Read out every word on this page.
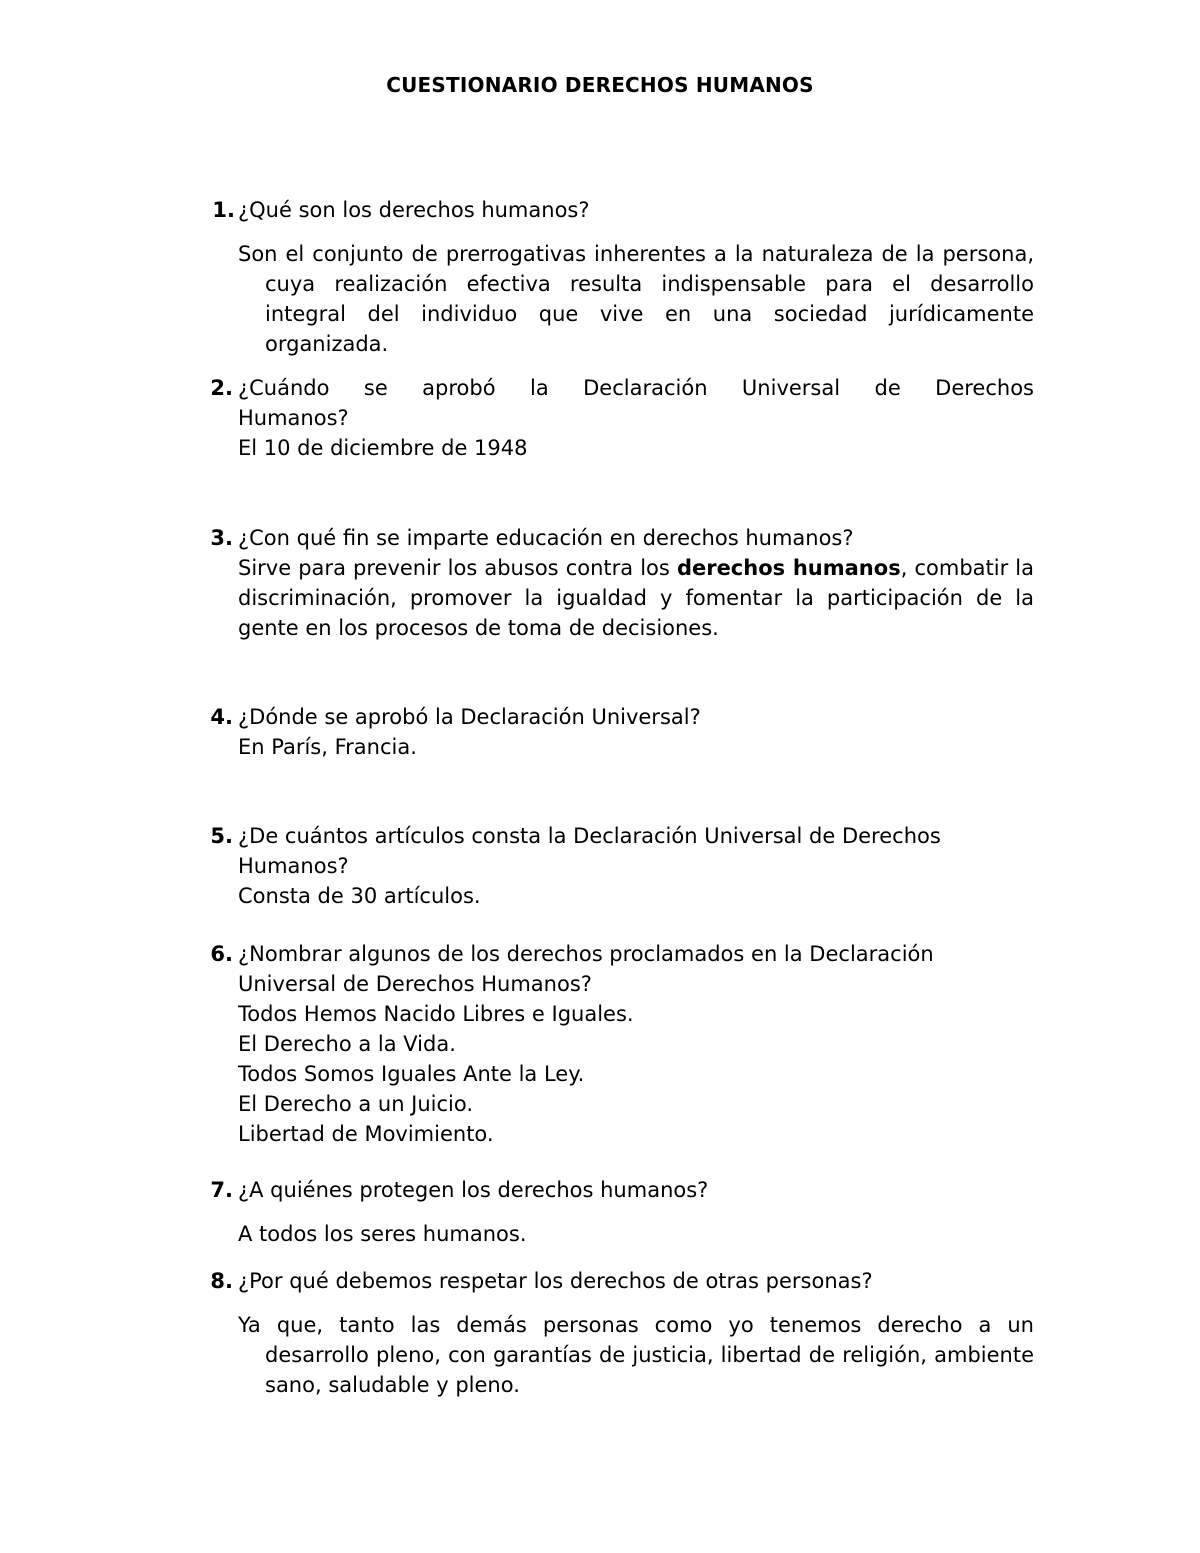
CUESTIONARIO DERECHOS HUMANOS
1. ¿Qué son los derechos humanos?
Son el conjunto de prerrogativas inherentes a la naturaleza de la persona, cuya realización efectiva resulta indispensable para el desarrollo integral del individuo que vive en una sociedad jurídicamente organizada.
2. ¿Cuándo se aprobó la Declaración Universal de Derechos
Humanos?
El 10 de diciembre de 1948
3. ¿Con qué fin se imparte educación en derechos humanos?
Sirve para prevenir los abusos contra los derechos humanos, combatir la discriminación, promover la igualdad y fomentar la participación de la gente en los procesos de toma de decisiones.
4. ¿Dónde se aprobó la Declaración Universal?
En París, Francia.
5. ¿De cuántos artículos consta la Declaración Universal de Derechos
Humanos?
Consta de 30 artículos.
6. ¿Nombrar algunos de los derechos proclamados en la Declaración
Universal de Derechos Humanos?
Todos Hemos Nacido Libres e Iguales.
El Derecho a la Vida.
Todos Somos Iguales Ante la Ley.
El Derecho a un Juicio.
Libertad de Movimiento.
7. ¿A quiénes protegen los derechos humanos?
A todos los seres humanos.
8. ¿Por qué debemos respetar los derechos de otras personas?
Ya que, tanto las demás personas como yo tenemos derecho a un desarrollo pleno, con garantías de justicia, libertad de religión, ambiente sano, saludable y pleno.
